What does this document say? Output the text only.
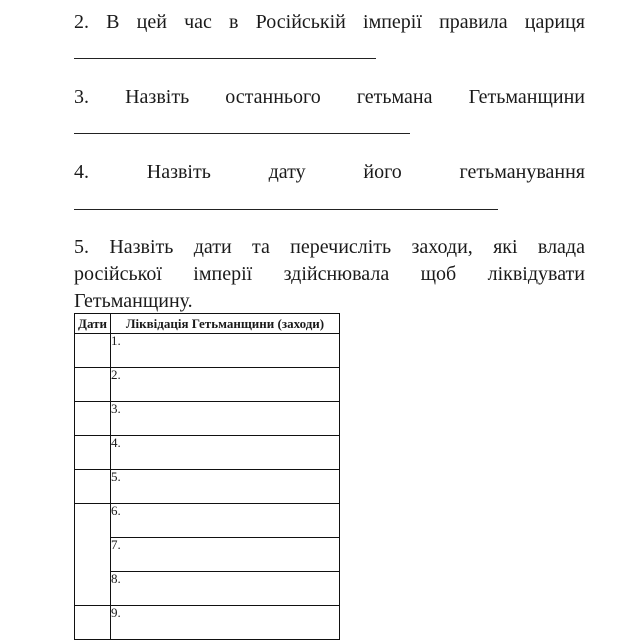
2. В цей час в Російській імперії правила цариця
3. Назвіть останнього гетьмана Гетьманщини
4. Назвіть дату його гетьманування
5. Назвіть дати та перечисліть заходи, які влада
російської імперії здійснювала щоб ліквідувати
Гетьманщину.
Дати	Ліквідація Гетьманщини (заходи)
	1.
	2.
	3.
	4.
	5.
	6.
	7.
	8.
	9.
